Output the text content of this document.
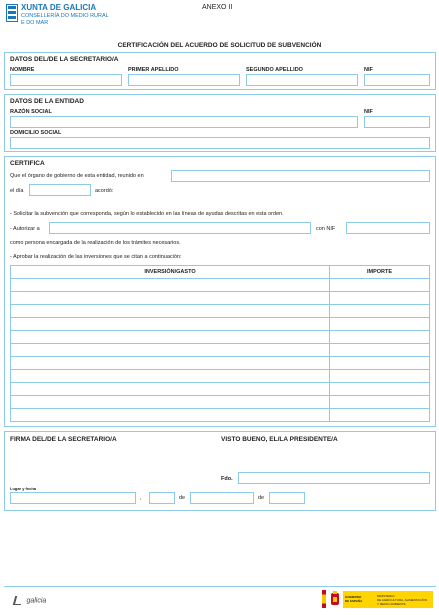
XUNTA DE GALICIA
CONSELLERÍA DO MEDIO RURAL
E DO MAR
ANEXO II
CERTIFICACIÓN DEL ACUERDO DE SOLICITUD DE SUBVENCIÓN
DATOS DEL/DE LA SECRETARIO/A
NOMBRE	PRIMER APELLIDO	SEGUNDO APELLIDO	NIF
DATOS DE LA ENTIDAD
RAZÓN SOCIAL	NIF
DOMICILIO SOCIAL
CERTIFICA
Que el órgano de gobierno de esta entidad, reunido en
el día	acordó:
- Solicitar la subvención que corresponda, según lo establecido en las líneas de ayudas descritas en esta orden.
- Autorizar a	con NIF
como persona encargada de la realización de los trámites necesarios.
- Aprobar la realización de las inversiones que se citan a continuación:
INVERSIÓN/GASTO	IMPORTE

FIRMA DEL/DE LA SECRETARIO/A	VISTO BUENO, EL/LA PRESIDENTE/A
Fdo.
Lugar y fecha
,	de	de
galicia
GOBIERNO
DE ESPAÑA
MINISTERIO
DE AGRICULTURA, ALIMENTACIÓN
Y MEDIO AMBIENTE
